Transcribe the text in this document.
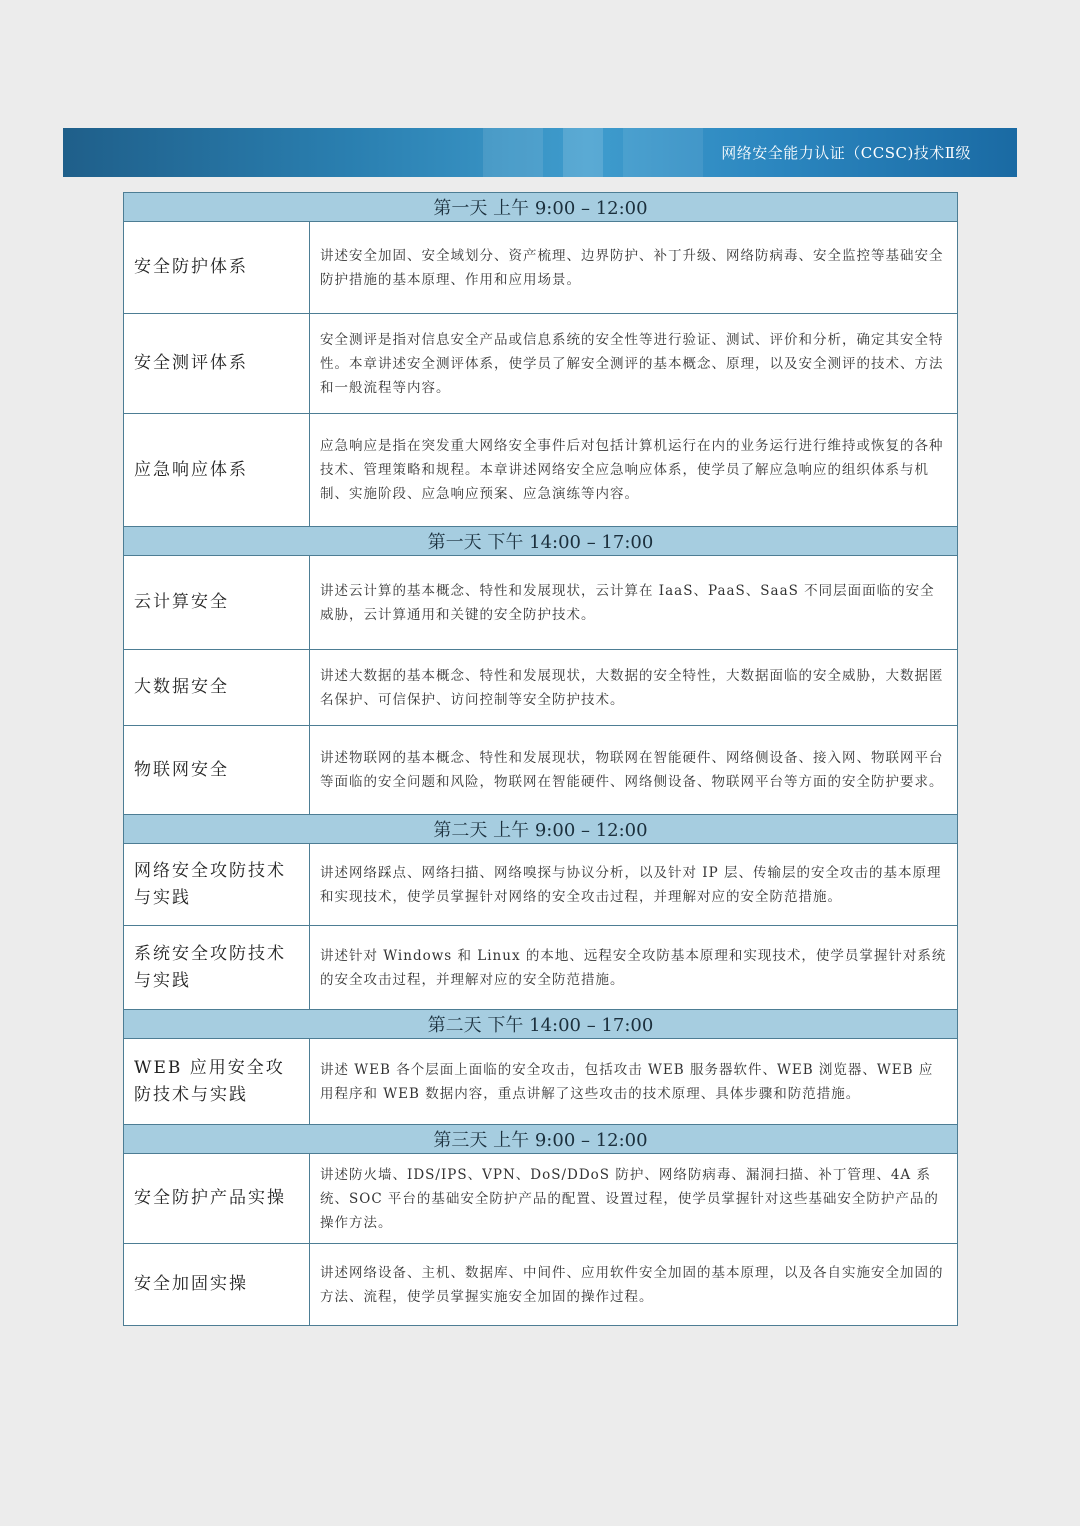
网络安全能力认证（CCSC)技术Ⅱ级
第一天 上午 9:00 – 12:00	
安全防护体系	讲述安全加固、安全域划分、资产梳理、边界防护、补丁升级、网络防病毒、安全监控等基础安全防护措施的基本原理、作用和应用场景。
安全测评体系	安全测评是指对信息安全产品或信息系统的安全性等进行验证、测试、评价和分析，确定其安全特性。本章讲述安全测评体系，使学员了解安全测评的基本概念、原理，以及安全测评的技术、方法和一般流程等内容。
应急响应体系	应急响应是指在突发重大网络安全事件后对包括计算机运行在内的业务运行进行维持或恢复的各种技术、管理策略和规程。本章讲述网络安全应急响应体系，使学员了解应急响应的组织体系与机制、实施阶段、应急响应预案、应急演练等内容。
第一天 下午 14:00 – 17:00	
云计算安全	讲述云计算的基本概念、特性和发展现状，云计算在 IaaS、PaaS、SaaS 不同层面面临的安全威胁，云计算通用和关键的安全防护技术。
大数据安全	讲述大数据的基本概念、特性和发展现状，大数据的安全特性，大数据面临的安全威胁，大数据匿名保护、可信保护、访问控制等安全防护技术。
物联网安全	讲述物联网的基本概念、特性和发展现状，物联网在智能硬件、网络侧设备、接入网、物联网平台等面临的安全问题和风险，物联网在智能硬件、网络侧设备、物联网平台等方面的安全防护要求。
第二天 上午 9:00 – 12:00	
网络安全攻防技术与实践	讲述网络踩点、网络扫描、网络嗅探与协议分析，以及针对 IP 层、传输层的安全攻击的基本原理和实现技术，使学员掌握针对网络的安全攻击过程，并理解对应的安全防范措施。
系统安全攻防技术与实践	讲述针对 Windows 和 Linux 的本地、远程安全攻防基本原理和实现技术，使学员掌握针对系统的安全攻击过程，并理解对应的安全防范措施。
第二天 下午 14:00 – 17:00	
WEB 应用安全攻防技术与实践	讲述 WEB 各个层面上面临的安全攻击，包括攻击 WEB 服务器软件、WEB 浏览器、WEB 应用程序和 WEB 数据内容，重点讲解了这些攻击的技术原理、具体步骤和防范措施。
第三天 上午 9:00 – 12:00	
安全防护产品实操	讲述防火墙、IDS/IPS、VPN、DoS/DDoS 防护、网络防病毒、漏洞扫描、补丁管理、4A 系统、SOC 平台的基础安全防护产品的配置、设置过程，使学员掌握针对这些基础安全防护产品的操作方法。
安全加固实操	讲述网络设备、主机、数据库、中间件、应用软件安全加固的基本原理，以及各自实施安全加固的方法、流程，使学员掌握实施安全加固的操作过程。
